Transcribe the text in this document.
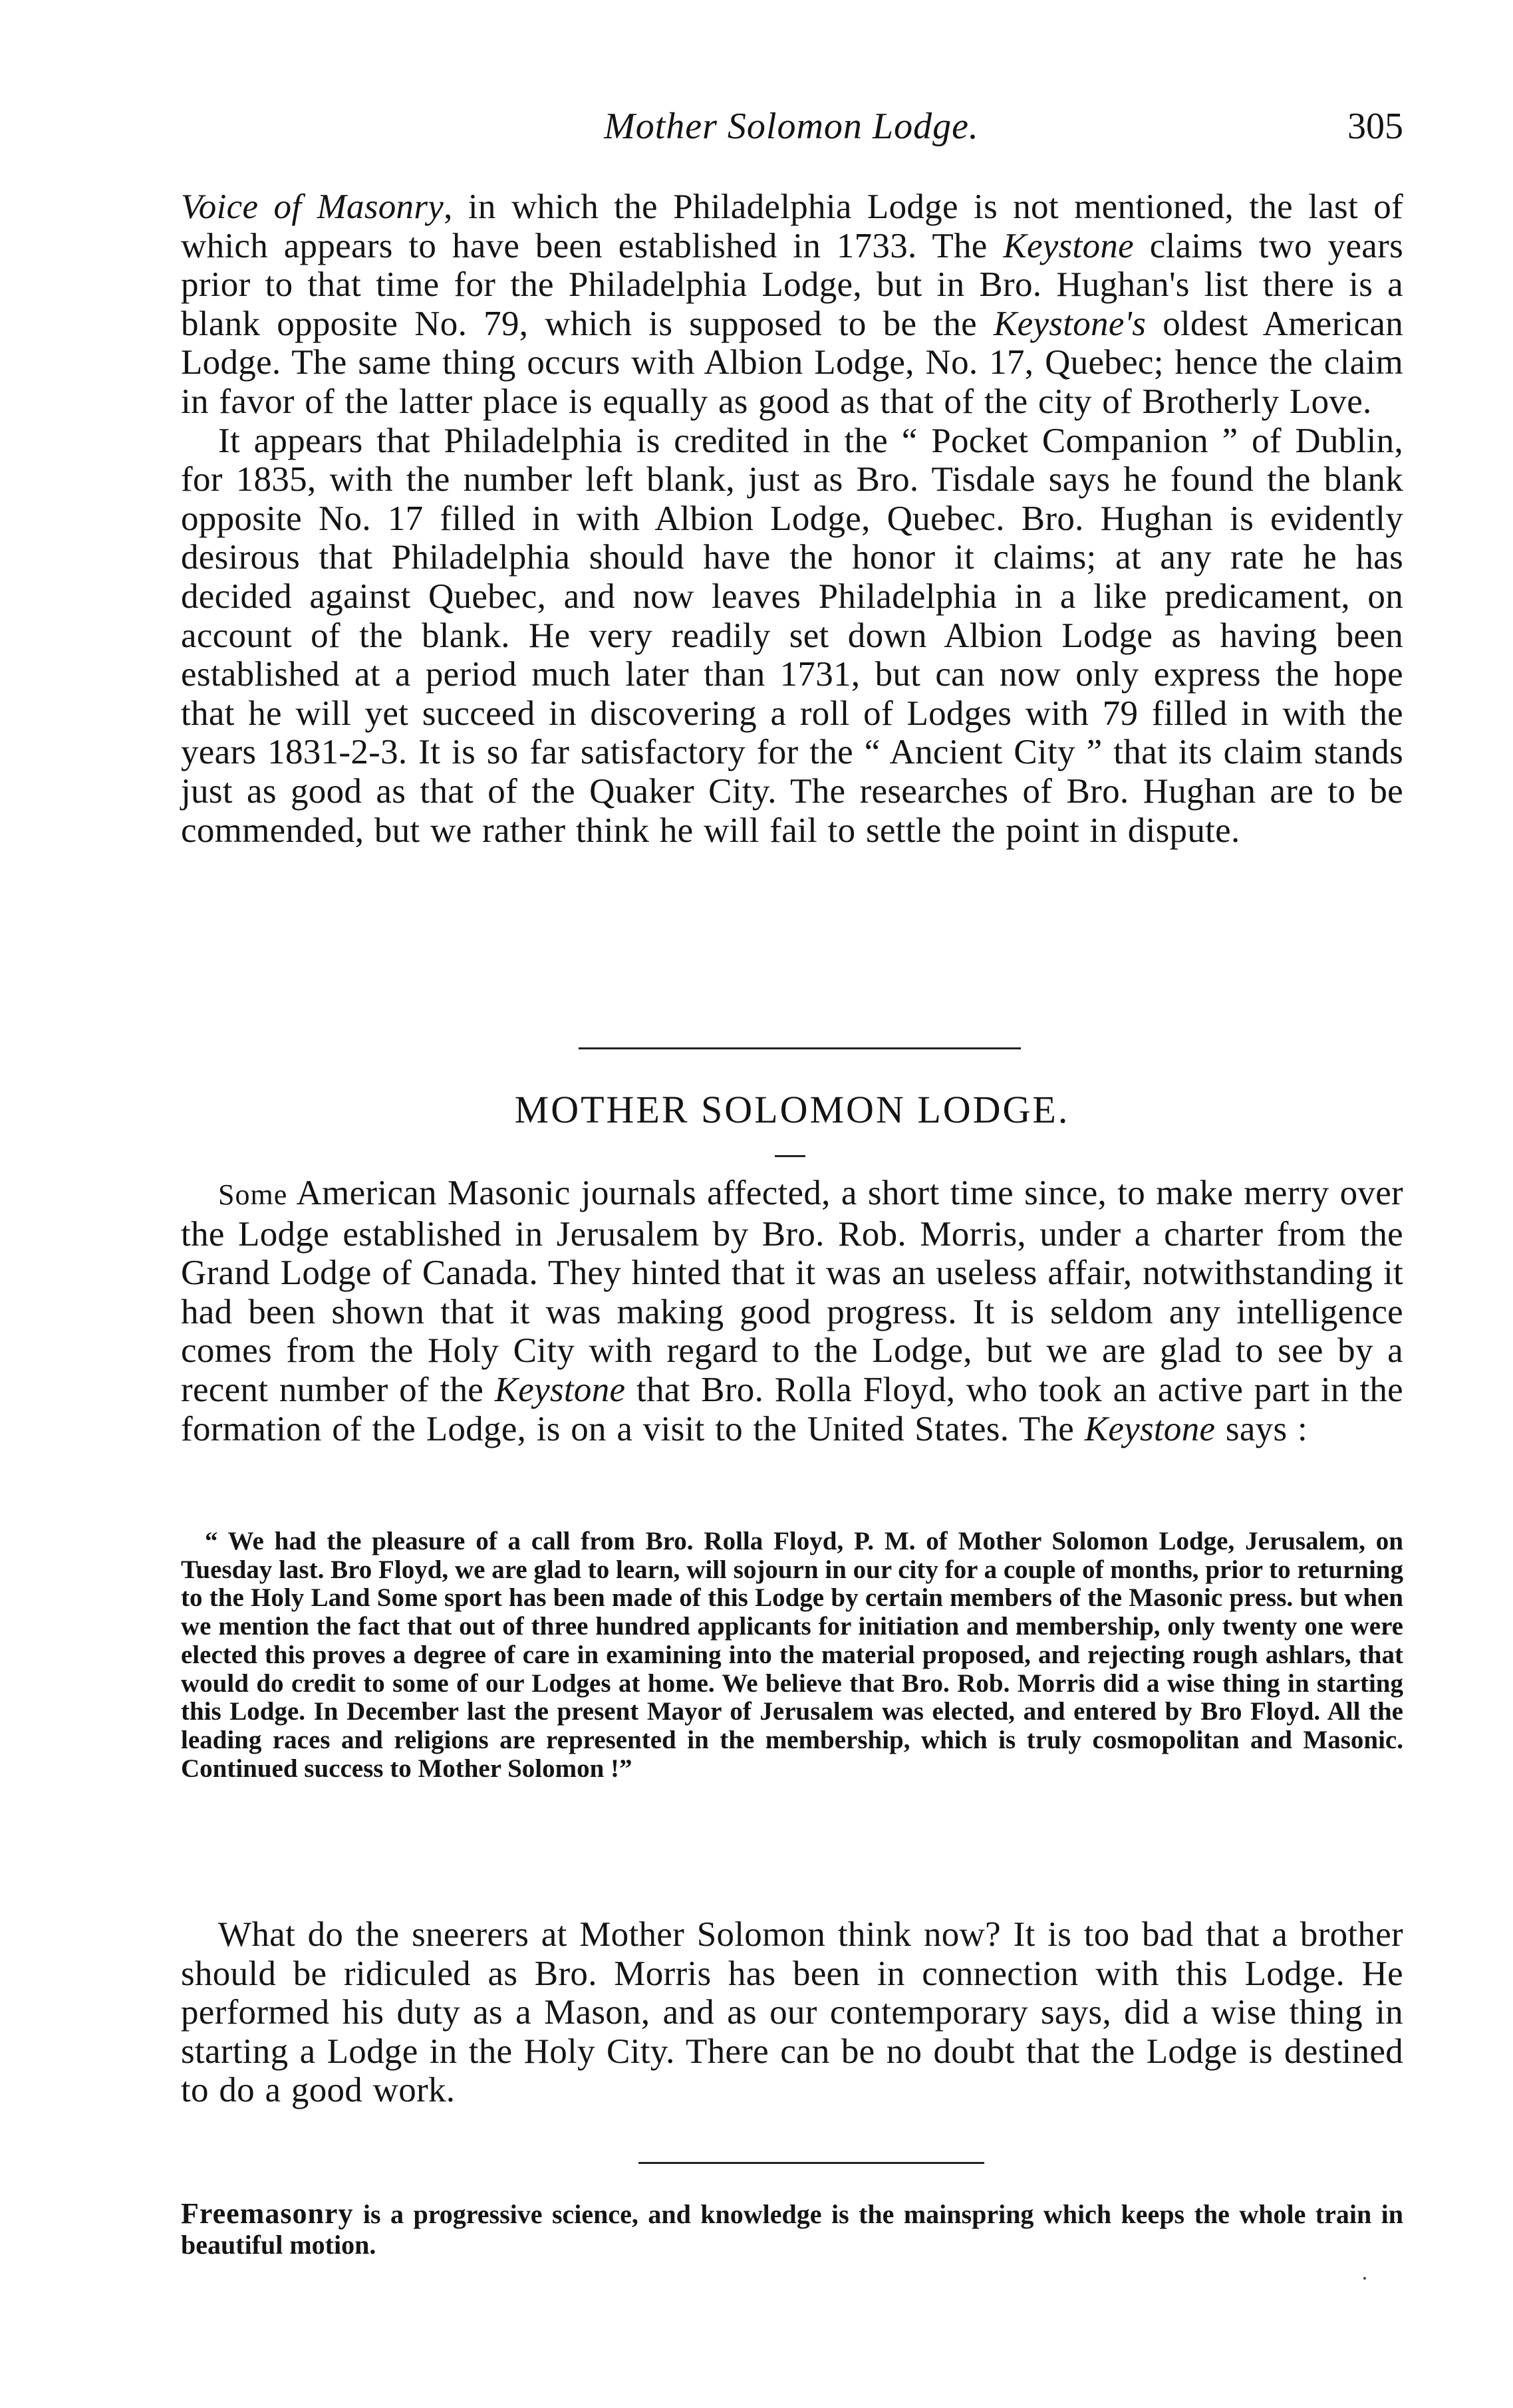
Mother Solomon Lodge.	305

Voice of Masonry, in which the Philadelphia Lodge is not mentioned, the last of which appears to have been established in 1733. The Keystone claims two years prior to that time for the Philadelphia Lodge, but in Bro. Hughan's list there is a blank opposite No. 79, which is supposed to be the Keystone's oldest American Lodge. The same thing occurs with Albion Lodge, No. 17, Quebec; hence the claim in favor of the latter place is equally as good as that of the city of Brotherly Love.

It appears that Philadelphia is credited in the “ Pocket Companion ” of Dublin, for 1835, with the number left blank, just as Bro. Tisdale says he found the blank opposite No. 17 filled in with Albion Lodge, Quebec. Bro. Hughan is evidently desirous that Philadelphia should have the honor it claims; at any rate he has decided against Quebec, and now leaves Philadelphia in a like predicament, on account of the blank. He very readily set down Albion Lodge as having been established at a period much later than 1731, but can now only express the hope that he will yet succeed in discovering a roll of Lodges with 79 filled in with the years 1831-2-3. It is so far satisfactory for the “ Ancient City ” that its claim stands just as good as that of the Quaker City. The researches of Bro. Hughan are to be commended, but we rather think he will fail to settle the point in dispute.

MOTHER SOLOMON LODGE.

Some American Masonic journals affected, a short time since, to make merry over the Lodge established in Jerusalem by Bro. Rob. Morris, under a charter from the Grand Lodge of Canada. They hinted that it was an useless affair, notwithstanding it had been shown that it was making good progress. It is seldom any intelligence comes from the Holy City with regard to the Lodge, but we are glad to see by a recent number of the Keystone that Bro. Rolla Floyd, who took an active part in the formation of the Lodge, is on a visit to the United States. The Keystone says :

“ We had the pleasure of a call from Bro. Rolla Floyd, P. M. of Mother Solomon Lodge, Jerusalem, on Tuesday last. Bro Floyd, we are glad to learn, will sojourn in our city for a couple of months, prior to returning to the Holy Land Some sport has been made of this Lodge by certain members of the Masonic press. but when we mention the fact that out of three hundred applicants for initiation and membership, only twenty one were elected this proves a degree of care in examining into the material proposed, and rejecting rough ashlars, that would do credit to some of our Lodges at home. We believe that Bro. Rob. Morris did a wise thing in starting this Lodge. In December last the present Mayor of Jerusalem was elected, and entered by Bro Floyd. All the leading races and religions are represented in the membership, which is truly cosmopolitan and Masonic. Continued success to Mother Solomon !”

What do the sneerers at Mother Solomon think now? It is too bad that a brother should be ridiculed as Bro. Morris has been in connection with this Lodge. He performed his duty as a Mason, and as our contemporary says, did a wise thing in starting a Lodge in the Holy City. There can be no doubt that the Lodge is destined to do a good work.

Freemasonry is a progressive science, and knowledge is the mainspring which keeps the whole train in beautiful motion.
